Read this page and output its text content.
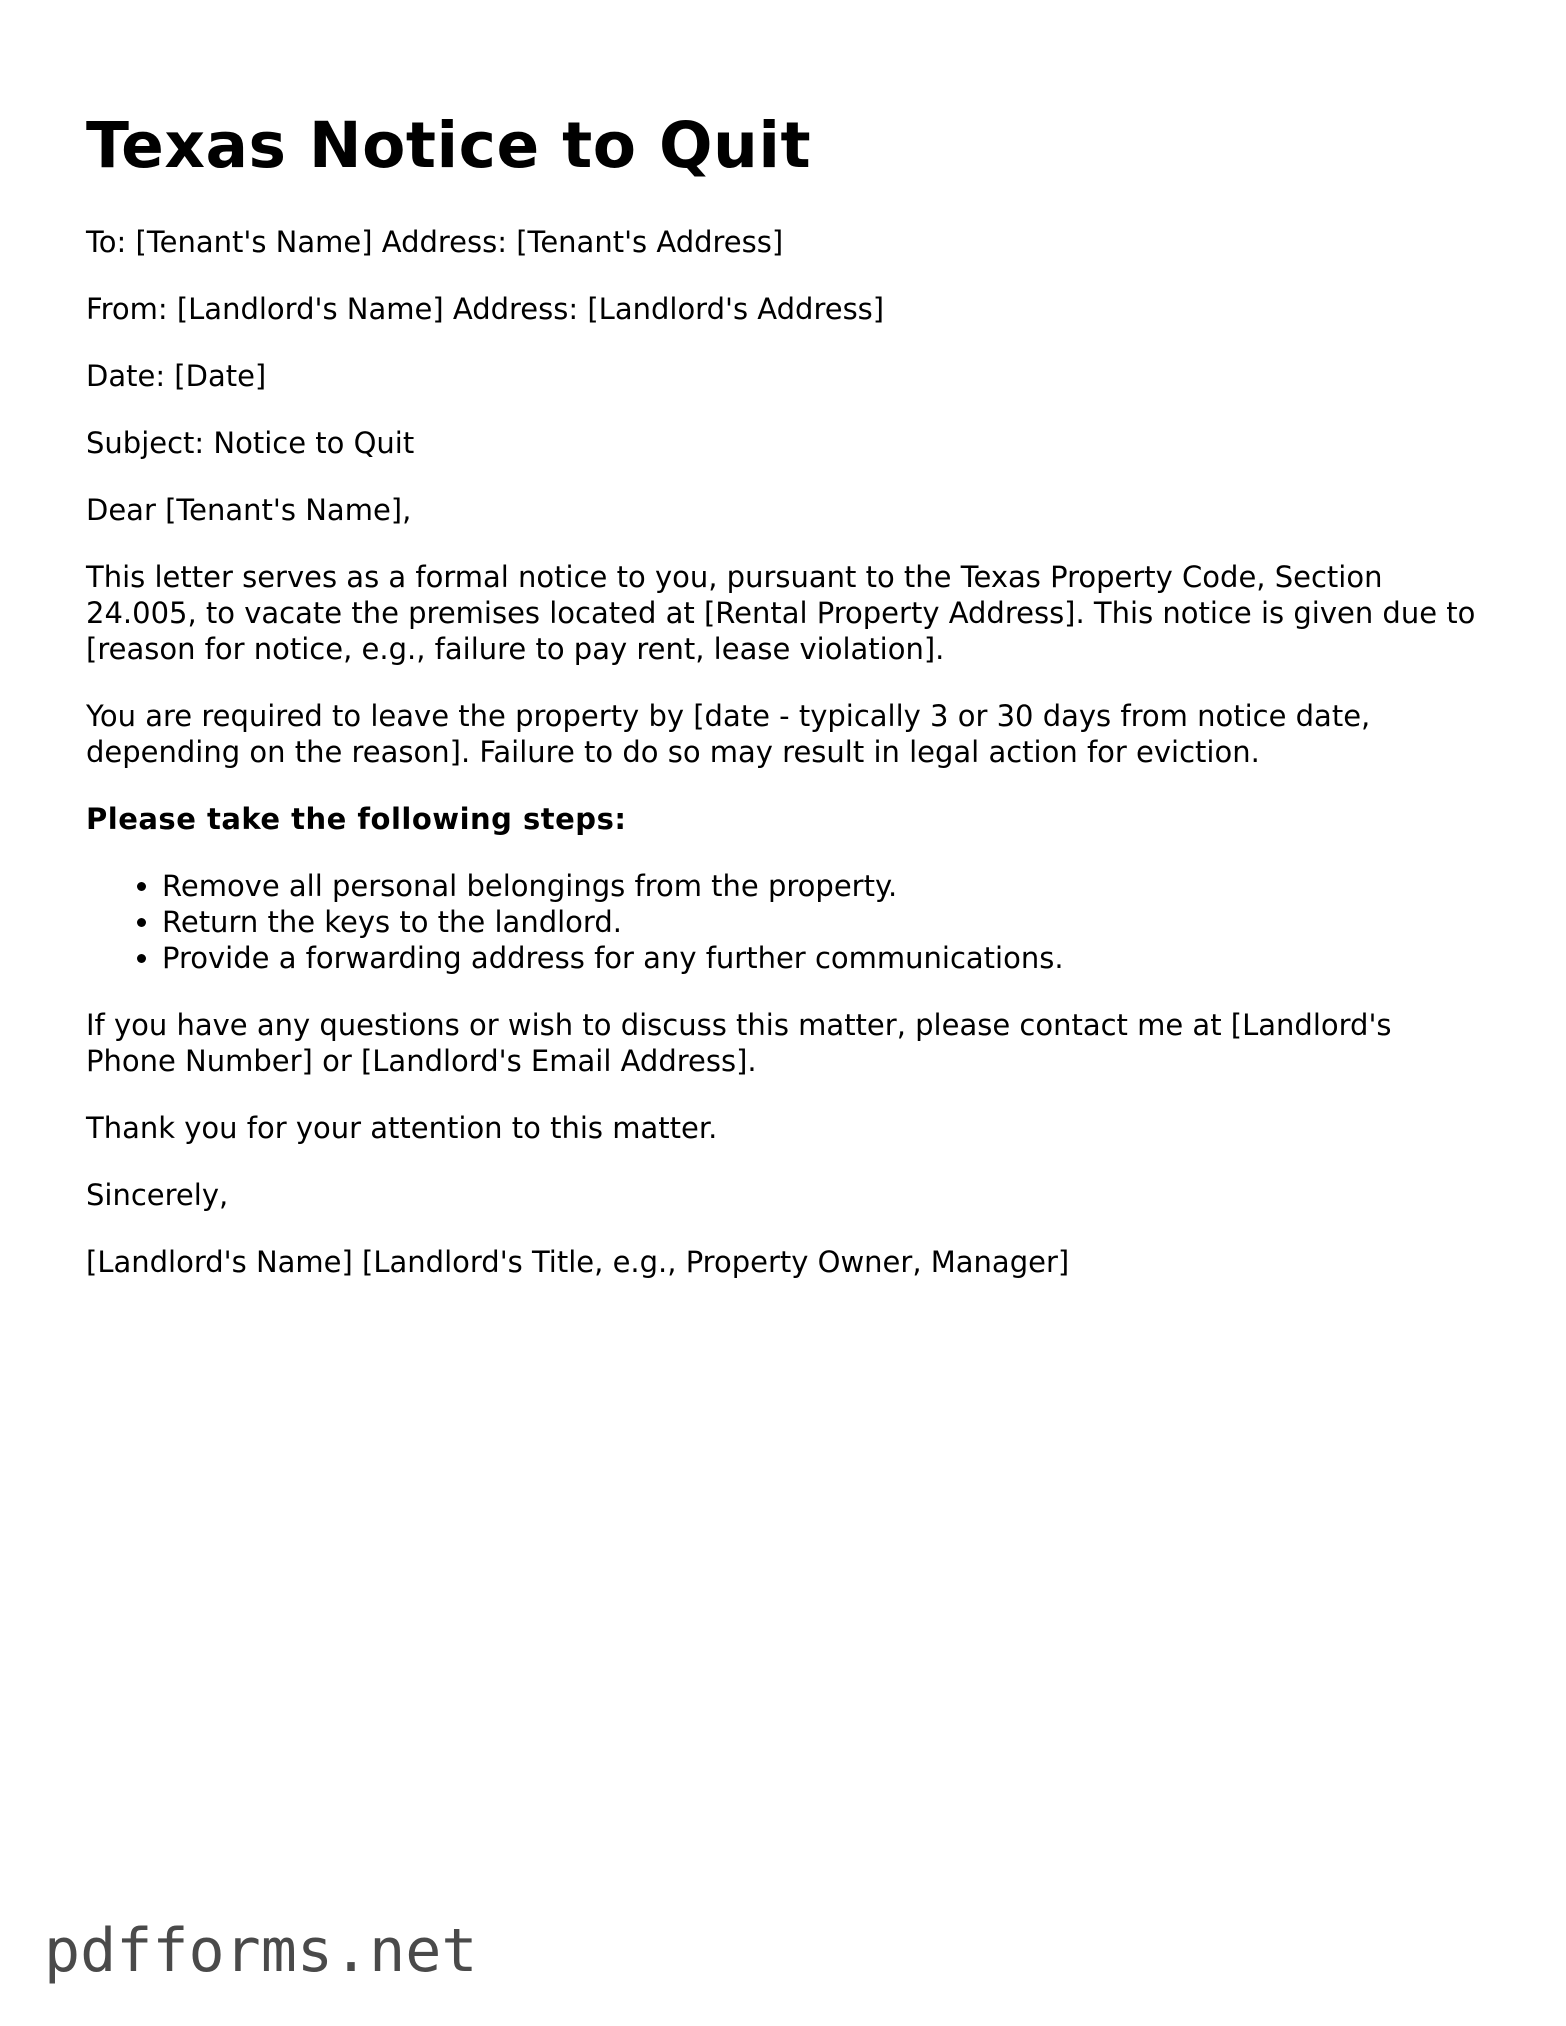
Texas Notice to Quit

To: [Tenant's Name] Address: [Tenant's Address]

From: [Landlord's Name] Address: [Landlord's Address]

Date: [Date]

Subject: Notice to Quit

Dear [Tenant's Name],

This letter serves as a formal notice to you, pursuant to the Texas Property Code, Section 24.005, to vacate the premises located at [Rental Property Address]. This notice is given due to [reason for notice, e.g., failure to pay rent, lease violation].

You are required to leave the property by [date - typically 3 or 30 days from notice date, depending on the reason]. Failure to do so may result in legal action for eviction.

Please take the following steps:

• Remove all personal belongings from the property.
• Return the keys to the landlord.
• Provide a forwarding address for any further communications.

If you have any questions or wish to discuss this matter, please contact me at [Landlord's Phone Number] or [Landlord's Email Address].

Thank you for your attention to this matter.

Sincerely,

[Landlord's Name] [Landlord's Title, e.g., Property Owner, Manager]

pdfforms.net
